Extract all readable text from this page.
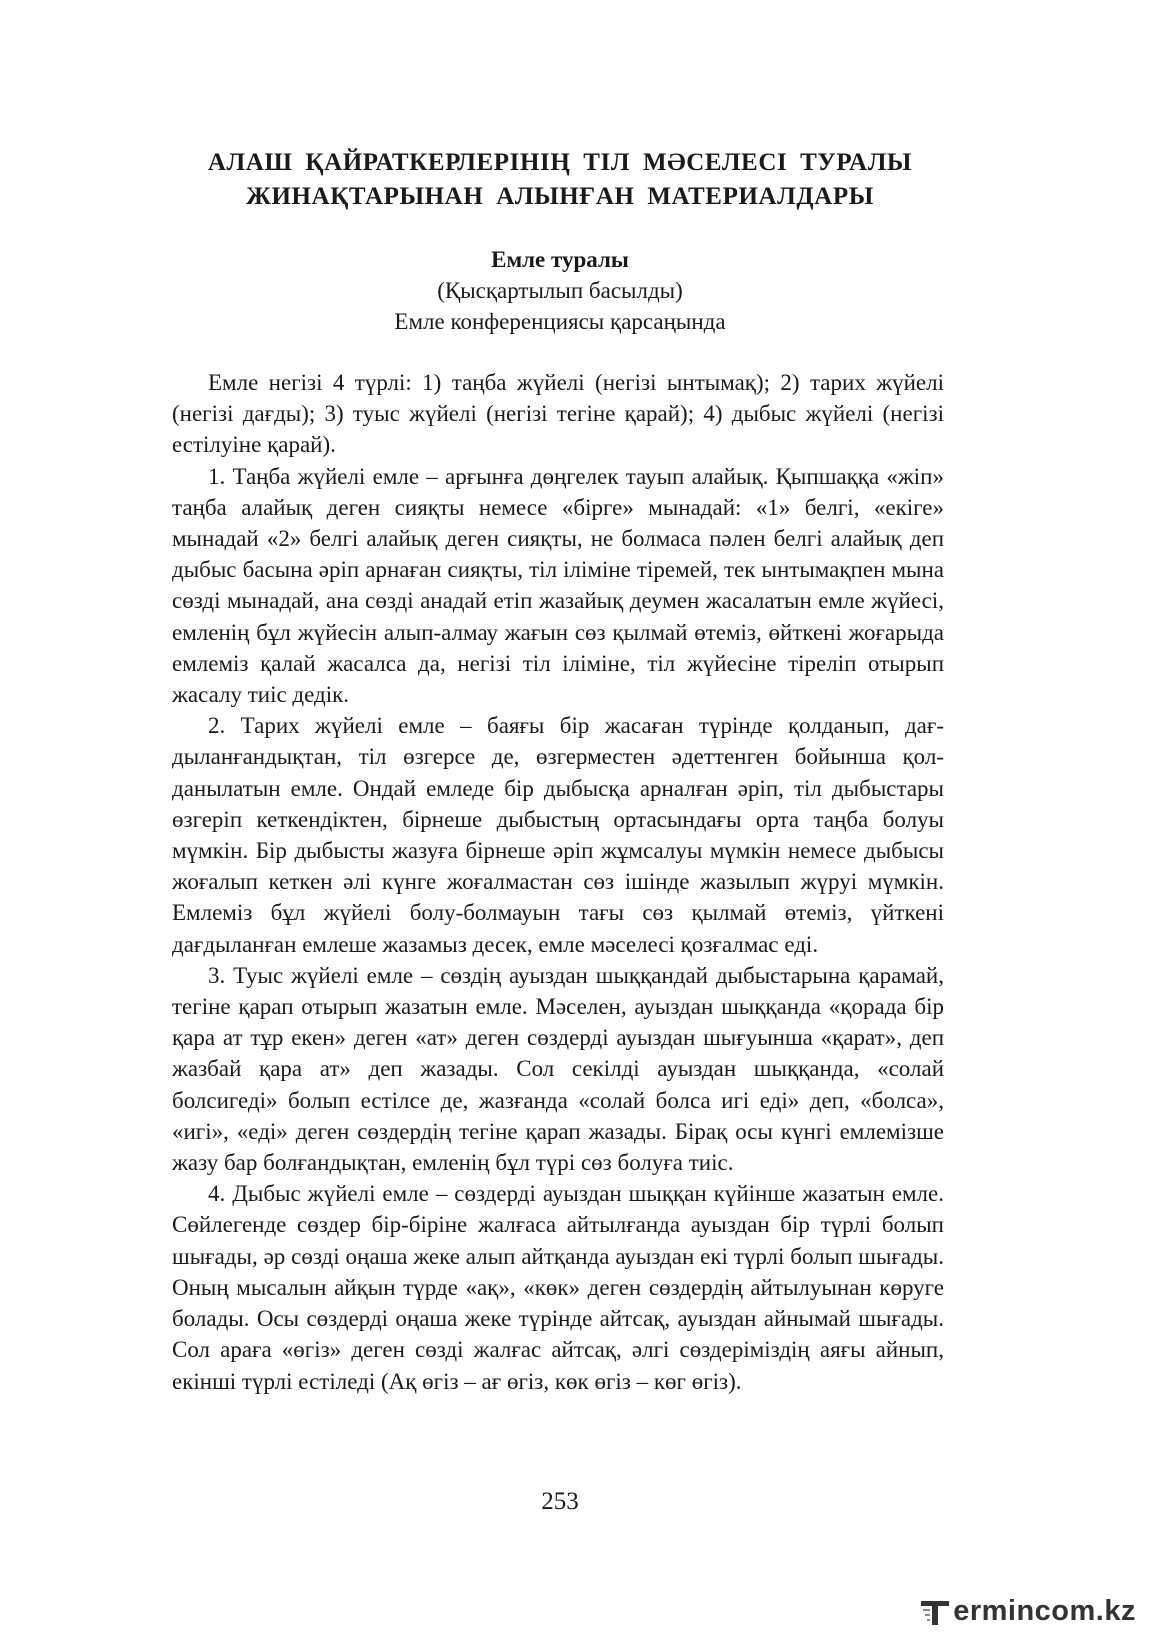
АЛАШ ҚАЙРАТКЕРЛЕРІНІҢ ТІЛ МӘСЕЛЕСІ ТУРАЛЫ
ЖИНАҚТАРЫНАН АЛЫНҒАН МАТЕРИАЛДАРЫ
Емле туралы
(Қысқартылып басылды)
Емле конференциясы қарсаңында

Емле негізі 4 түрлі: 1) таңба жүйелі (негізі ынтымақ); 2) тарих жүйелі (негізі дағды); 3) туыс жүйелі (негізі тегіне қарай); 4) дыбыс жүйелі (негізі естілуіне қарай).

1. Таңба жүйелі емле – арғынға дөңгелек тауып алайық. Қыпшаққа «жіп» таңба алайық деген сияқты немесе «бірге» мынадай: «1» белгі, «екіге» мынадай «2» белгі алайық деген сияқты, не болмаса пәлен белгі алайық деп дыбыс басына әріп арнаған сияқты, тіл іліміне тіремей, тек ынтымақпен мына сөзді мынадай, ана сөзді анадай етіп жазайық деумен жасалатын емле жүйесі, емленің бұл жүйесін алып-алмау жағын сөз қылмай өтеміз, өйткені жоғарыда емлеміз қалай жасалса да, негізі тіл іліміне, тіл жүйесіне тіреліп отырып жасалу тиіс дедік.

2. Тарих жүйелі емле – баяғы бір жасаған түрінде қолданып, дағдыланғандықтан, тіл өзгерсе де, өзгерместен әдеттенген бойынша қолданылатын емле. Ондай емледе бір дыбысқа арналған әріп, тіл дыбыстары өзгеріп кеткендіктен, бірнеше дыбыстың ортасындағы орта таңба болуы мүмкін. Бір дыбысты жазуға бірнеше әріп жұмсалуы мүмкін немесе дыбысы жоғалып кеткен әлі күнге жоғалмастан сөз ішінде жазылып жүруі мүмкін. Емлеміз бұл жүйелі болу-болмауын тағы сөз қылмай өтеміз, үйткені дағдыланған емлеше жазамыз десек, емле мәселесі қозғалмас еді.

3. Туыс жүйелі емле – сөздің ауыздан шыққандай дыбыстарына қарамай, тегіне қарап отырып жазатын емле. Мәселен, ауыздан шыққанда «қорада бір қара ат тұр екен» деген «ат» деген сөздерді ауыздан шығуынша «қарат», деп жазбай қара ат» деп жазады. Сол секілді ауыздан шыққанда, «солай болсигеді» болып естілсе де, жазғанда «солай болса игі еді» деп, «болса», «игі», «еді» деген сөздердің тегіне қарап жазады. Бірақ осы күнгі емлемізше жазу бар болғандықтан, емленің бұл түрі сөз болуға тиіс.

4. Дыбыс жүйелі емле – сөздерді ауыздан шыққан күйінше жазатын емле. Сөйлегенде сөздер бір-біріне жалғаса айтылғанда ауыздан бір түрлі болып шығады, әр сөзді оңаша жеке алып айтқанда ауыздан екі түрлі болып шығады. Оның мысалын айқын түрде «ақ», «көк» деген сөздердің айтылуынан көруге болады. Осы сөздерді оңаша жеке түрінде айтсақ, ауыздан айнымай шығады. Сол араға «өгіз» деген сөзді жалғас айтсақ, әлгі сөздеріміздің аяғы айнып, екінші түрлі естіледі (Ақ өгіз – ағ өгіз, көк өгіз – көг өгіз).

253
ermincom.kz
